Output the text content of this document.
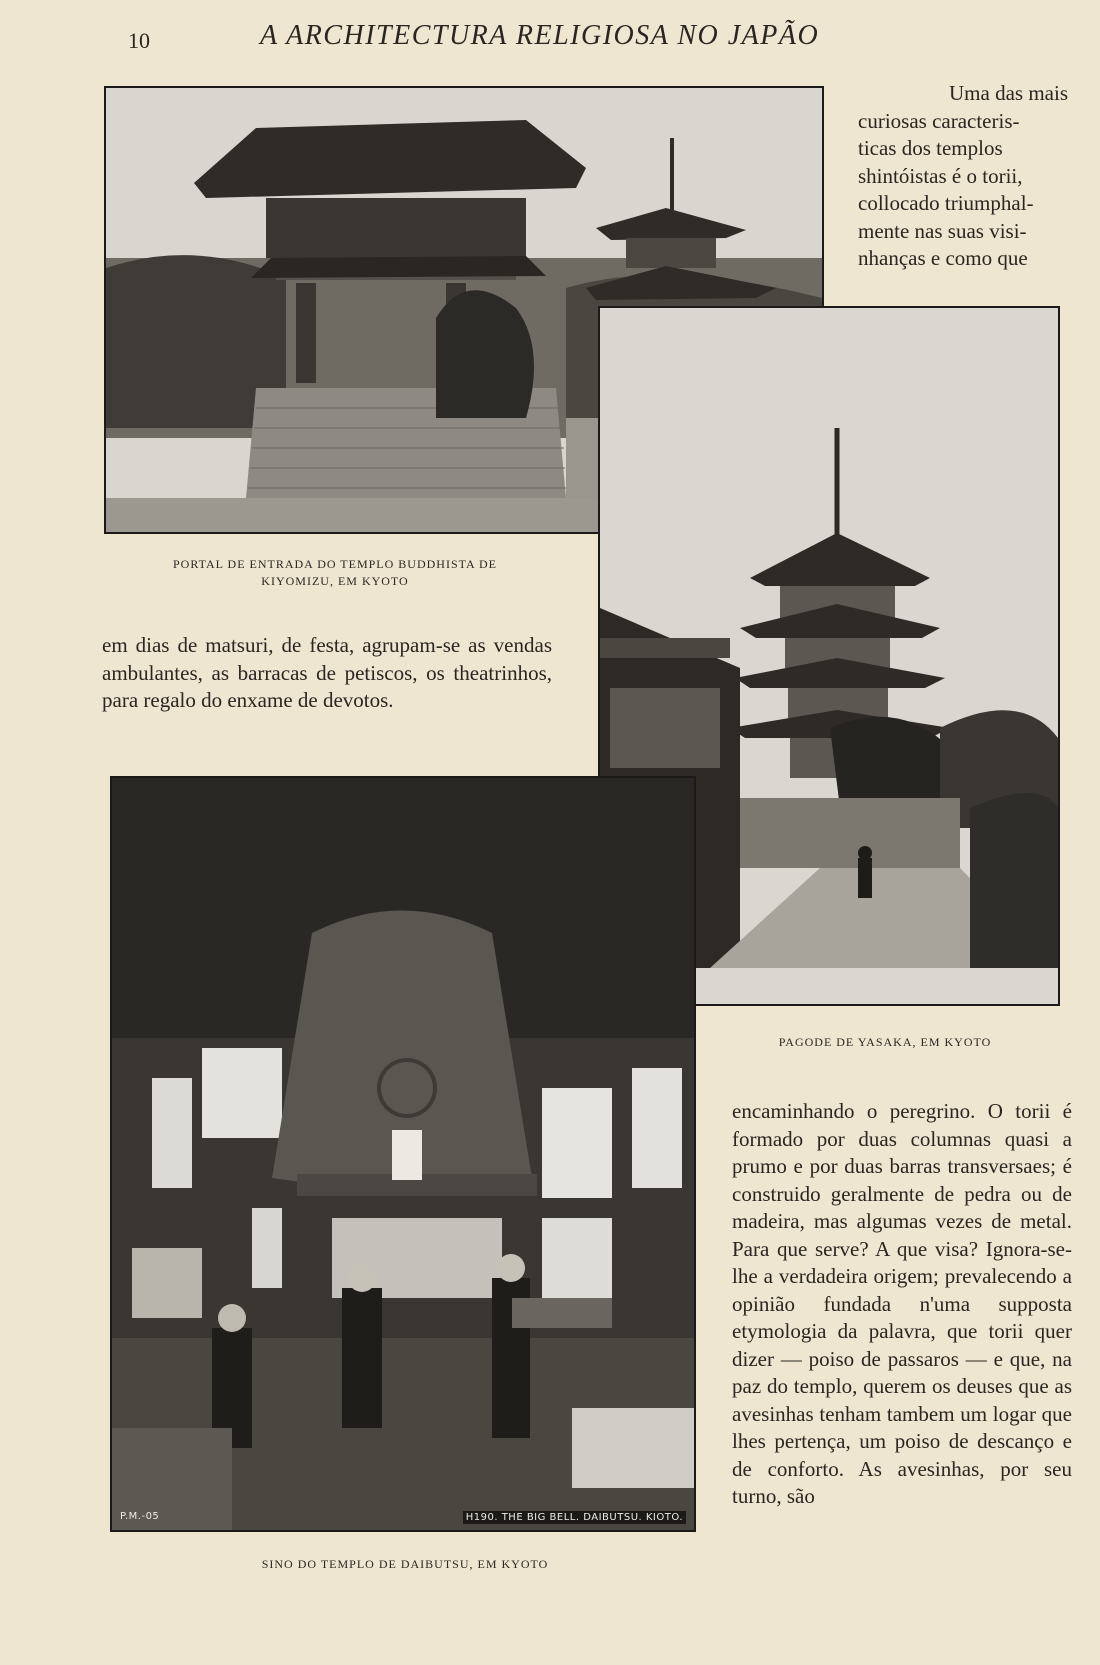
10	A ARCHITECTURA RELIGIOSA NO JAPÃO
P.M.-05	H190. THE BIG BELL. DAIBUTSU. KIOTO.

Uma das mais

curiosas caracteris-

ticas dos templos

shintóistas é o torii,

collocado triumphal-

mente nas suas visi-

nhanças e como que

PORTAL DE ENTRADA DO TEMPLO BUDDHISTA DE KIYOMIZU, EM KYOTO

em dias de matsuri, de festa, agrupam-se as vendas ambulantes, as barracas de petiscos, os theatrinhos, para regalo do enxame de devotos.

PAGODE DE YASAKA, EM KYOTO

encaminhando o peregrino. O torii é formado por duas columnas quasi a prumo e por duas barras transversaes; é construido geralmente de pedra ou de madeira, mas algumas vezes de metal. Para que serve? A que visa? Ignora-se-lhe a verdadeira origem; prevalecendo a opinião fundada n'uma supposta etymologia da palavra, que torii quer dizer — poiso de passaros — e que, na paz do templo, querem os deuses que as avesinhas tenham tambem um logar que lhes pertença, um poiso de descanço e de conforto. As avesinhas, por seu turno, são

SINO DO TEMPLO DE DAIBUTSU, EM KYOTO
